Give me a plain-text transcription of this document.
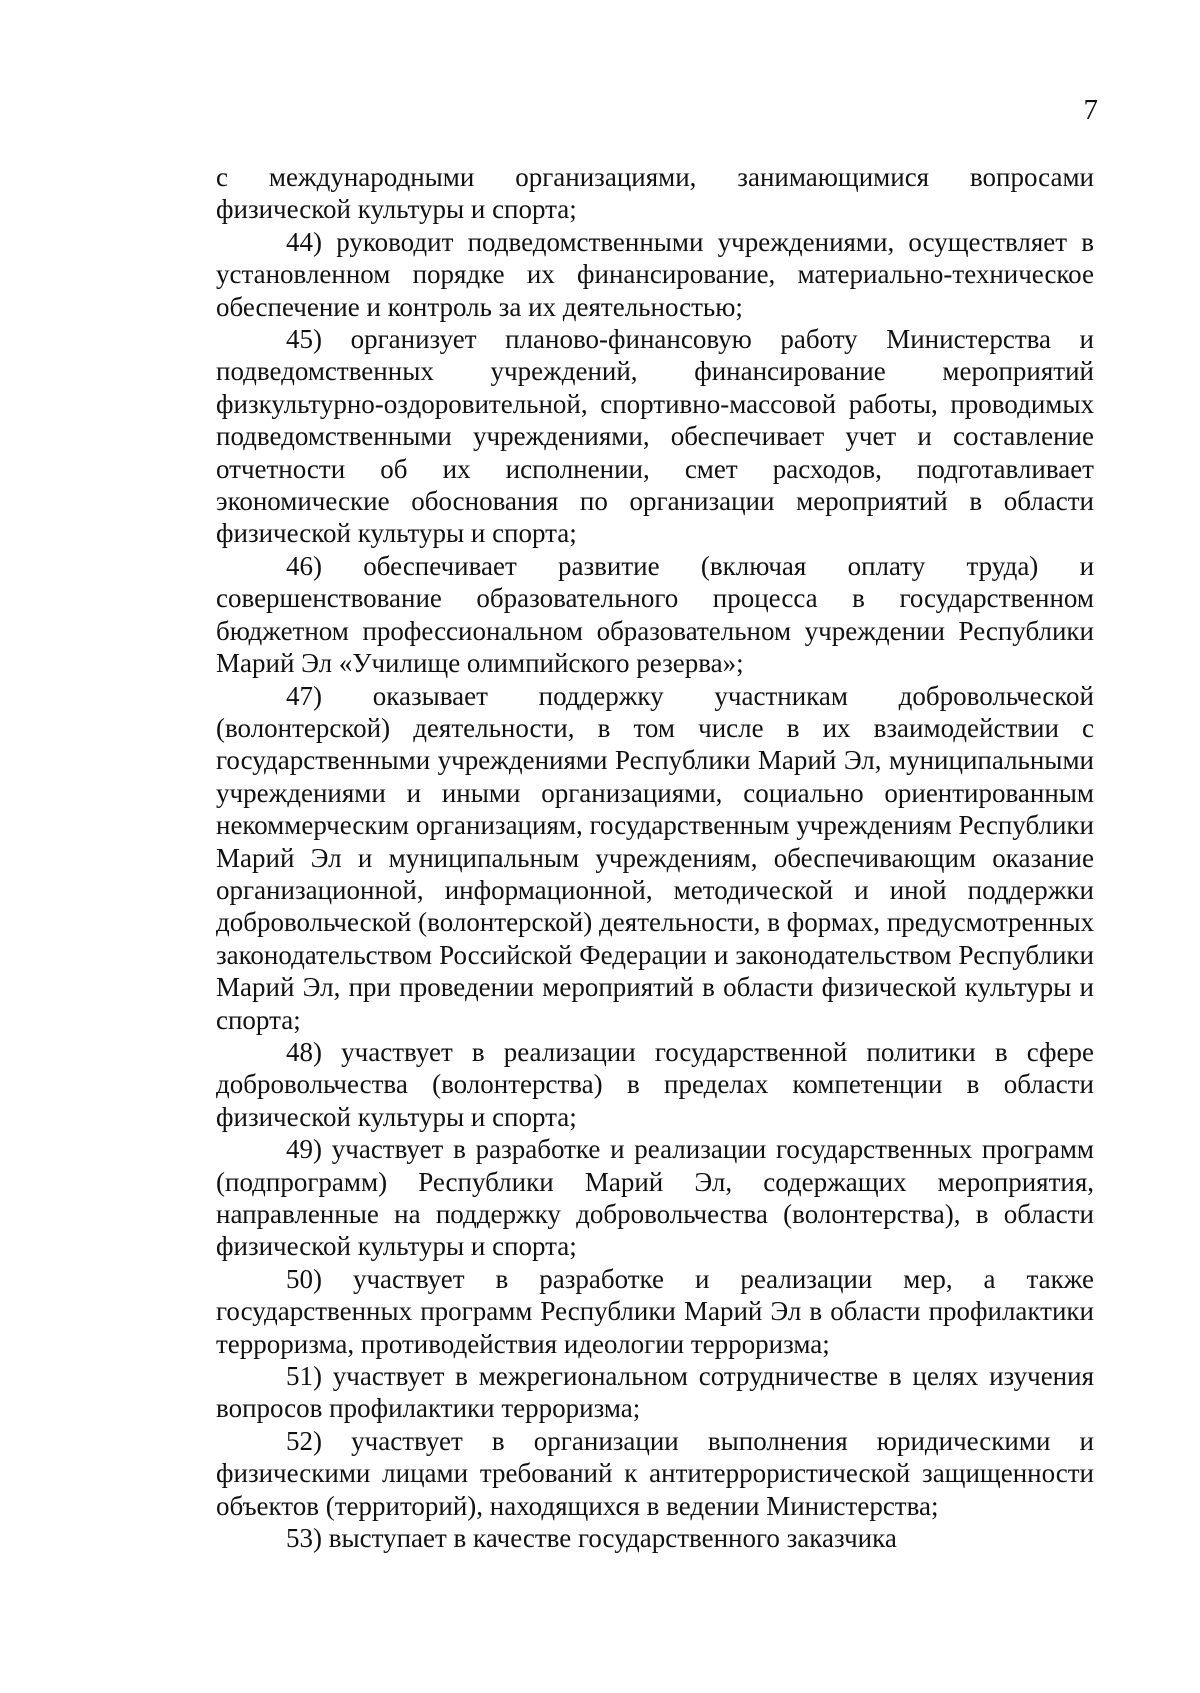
7

с международными организациями, занимающимися вопросами физической культуры и спорта;

44) руководит подведомственными учреждениями, осуществляет в установленном порядке их финансирование, материально-техническое обеспечение и контроль за их деятельностью;

45) организует планово-финансовую работу Министерства и подведомственных учреждений, финансирование мероприятий физкультурно-оздоровительной, спортивно-массовой работы, проводимых подведомственными учреждениями, обеспечивает учет и составление отчетности об их исполнении, смет расходов, подготавливает экономические обоснования по организации мероприятий в области физической культуры и спорта;

46) обеспечивает развитие (включая оплату труда) и совершенствование образовательного процесса в государственном бюджетном профессиональном образовательном учреждении Республики Марий Эл «Училище олимпийского резерва»;

47) оказывает поддержку участникам добровольческой (волонтерской) деятельности, в том числе в их взаимодействии с государственными учреждениями Республики Марий Эл, муниципальными учреждениями и иными организациями, социально ориентированным некоммерческим организациям, государственным учреждениям Республики Марий Эл и муниципальным учреждениям, обеспечивающим оказание организационной, информационной, методической и иной поддержки добровольческой (волонтерской) деятельности, в формах, предусмотренных законодательством Российской Федерации и законодательством Республики Марий Эл, при проведении мероприятий в области физической культуры и спорта;

48) участвует в реализации государственной политики в сфере добровольчества (волонтерства) в пределах компетенции в области физической культуры и спорта;

49) участвует в разработке и реализации государственных программ (подпрограмм) Республики Марий Эл, содержащих мероприятия, направленные на поддержку добровольчества (волонтерства), в области физической культуры и спорта;

50) участвует в разработке и реализации мер, а также государственных программ Республики Марий Эл в области профилактики терроризма, противодействия идеологии терроризма;

51) участвует в межрегиональном сотрудничестве в целях изучения вопросов профилактики терроризма;

52) участвует в организации выполнения юридическими и физическими лицами требований к антитеррористической защищенности объектов (территорий), находящихся в ведении Министерства;

53) выступает в качестве государственного заказчика
